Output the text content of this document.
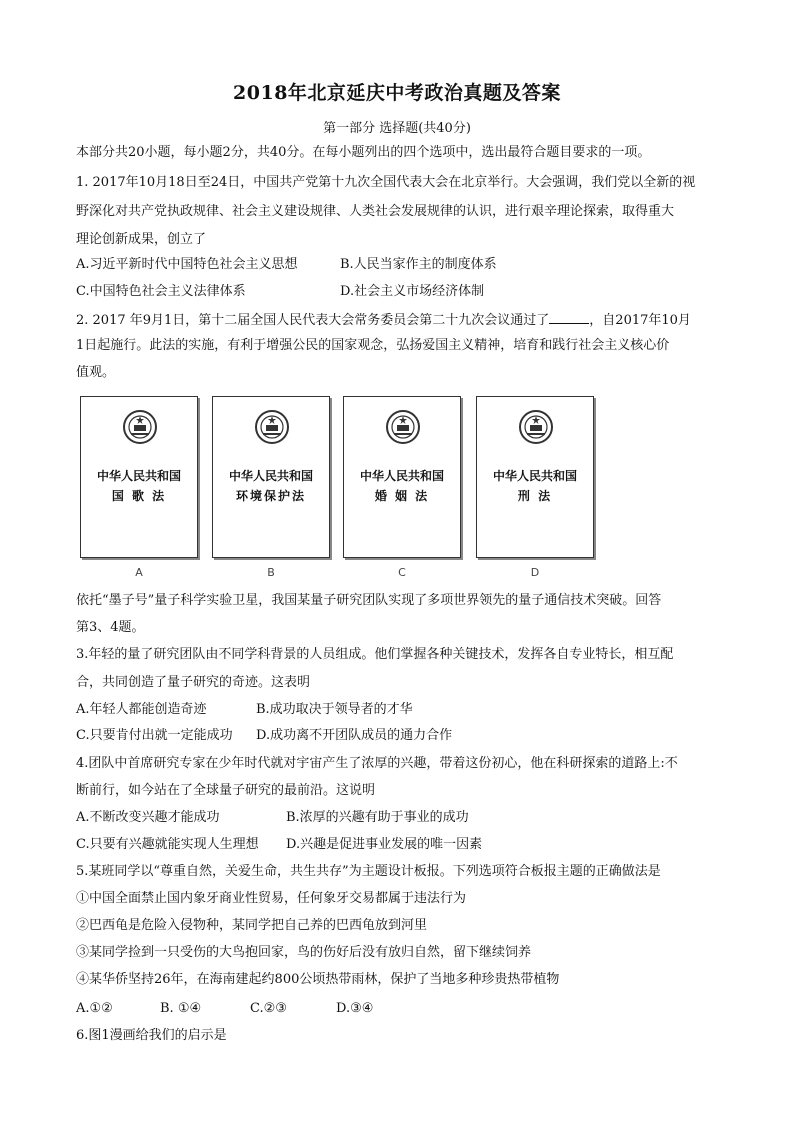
2018年北京延庆中考政治真题及答案
第一部分 选择题(共40分)
本部分共20小题，每小题2分，共40分。在每小题列出的四个选项中，选出最符合题目要求的一项。
1. 2017年10月18日至24日，中国共产党第十九次全国代表大会在北京举行。大会强调，我们党以全新的视
野深化对共产党执政规律、社会主义建设规律、人类社会发展规律的认识，进行艰辛理论探索，取得重大
理论创新成果，创立了
A.习近平新时代中国特色社会主义思想	B.人民当家作主的制度体系
C.中国特色社会主义法律体系	D.社会主义市场经济体制
2. 2017 年9月1日，第十二届全国人民代表大会常务委员会第二十九次会议通过了	，自2017年10月
1日起施行。此法的实施，有利于增强公民的国家观念，弘扬爱国主义精神，培育和践行社会主义核心价
值观。
中华人民共和国
国 歌 法
中华人民共和国
环境保护法
中华人民共和国
婚 姻 法
中华人民共和国
刑 法
A	B	C	D
依托“墨子号”量子科学实验卫星，我国某量子研究团队实现了多项世界领先的量子通信技术突破。回答
第3、4题。
3.年轻的量了研究团队由不同学科背景的人员组成。他们掌握各种关键技术，发挥各自专业特长，相互配
合，共同创造了量子研究的奇迹。这表明
A.年轻人都能创造奇迹	B.成功取决于领导者的才华
C.只要肯付出就一定能成功 D.成功离不开团队成员的通力合作
4.团队中首席研究专家在少年时代就对宇宙产生了浓厚的兴趣，带着这份初心，他在科研探索的道路上:不
断前行，如今站在了全球量子研究的最前沿。这说明
A.不断改变兴趣才能成功	B.浓厚的兴趣有助于事业的成功
C.只要有兴趣就能实现人生理想 D.兴趣是促进事业发展的唯一因素
5.某班同学以“尊重自然，关爱生命，共生共存”为主题设计板报。下列选项符合板报主题的正确做法是
①中国全面禁止国内象牙商业性贸易，任何象牙交易都属于违法行为
②巴西龟是危险入侵物种，某同学把自己养的巴西龟放到河里
③某同学捡到一只受伤的大鸟抱回家，鸟的伤好后没有放归自然，留下继续饲养
④某华侨坚持26年，在海南建起约800公顷热带雨林，保护了当地多种珍贵热带植物
A.①②	B. ①④	C.②③	D.③④
6.图1漫画给我们的启示是
